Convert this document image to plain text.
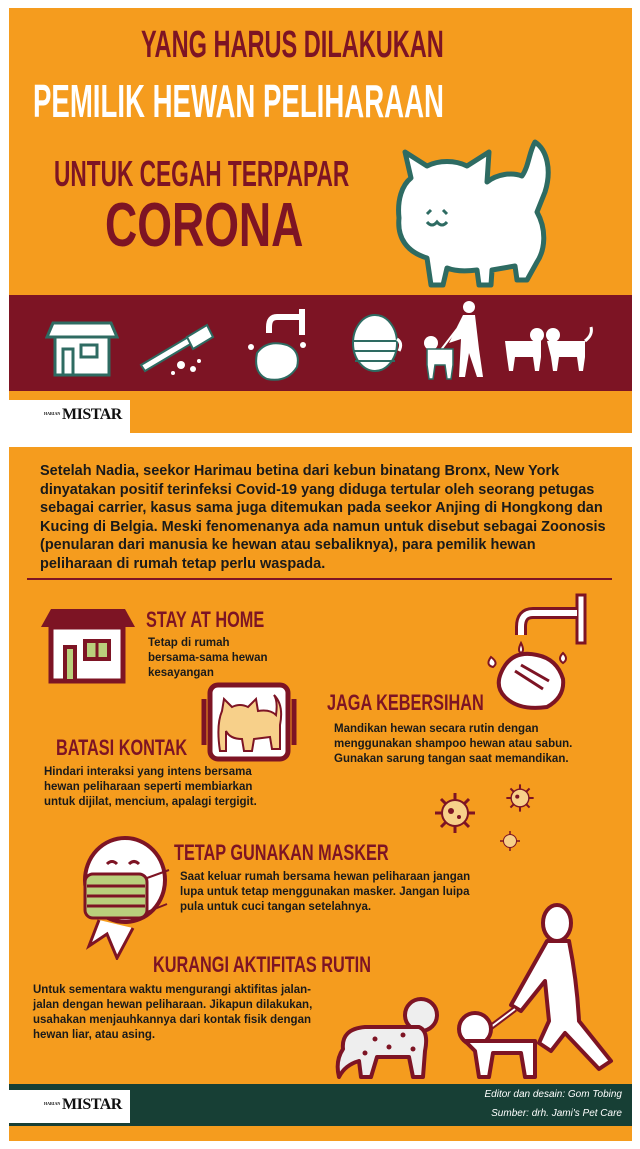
YANG HARUS DILAKUKAN
PEMILIK HEWAN PELIHARAAN
UNTUK CEGAH TERPAPAR
CORONA
HARIAN MISTAR
Setelah Nadia, seekor Harimau betina dari kebun binatang Bronx, New York dinyatakan positif terinfeksi Covid-19 yang diduga tertular oleh seorang petugas sebagai carrier, kasus sama juga ditemukan pada seekor Anjing di Hongkong dan Kucing di Belgia. Meski fenomenanya ada namun untuk disebut sebagai Zoonosis (penularan dari manusia ke hewan atau sebaliknya), para pemilik hewan peliharaan di rumah tetap perlu waspada.
STAY AT HOME
Tetap di rumah bersama-sama hewan kesayangan
BATASI KONTAK
Hindari interaksi yang intens bersama hewan peliharaan seperti membiarkan untuk dijilat, mencium, apalagi tergigit.
JAGA KEBERSIHAN
Mandikan hewan secara rutin dengan menggunakan shampoo hewan atau sabun. Gunakan sarung tangan saat memandikan.
TETAP GUNAKAN MASKER
Saat keluar rumah bersama hewan peliharaan jangan lupa untuk tetap menggunakan masker. Jangan luipa pula untuk cuci tangan setelahnya.
KURANGI AKTIFITAS RUTIN
Untuk sementara waktu mengurangi aktifitas jalan-jalan dengan hewan peliharaan. Jikapun dilakukan, usahakan menjauhkannya dari kontak fisik dengan hewan liar, atau asing.
HARIAN MISTAR
Editor dan desain: Gom Tobing
Sumber: drh. Jami's Pet Care
